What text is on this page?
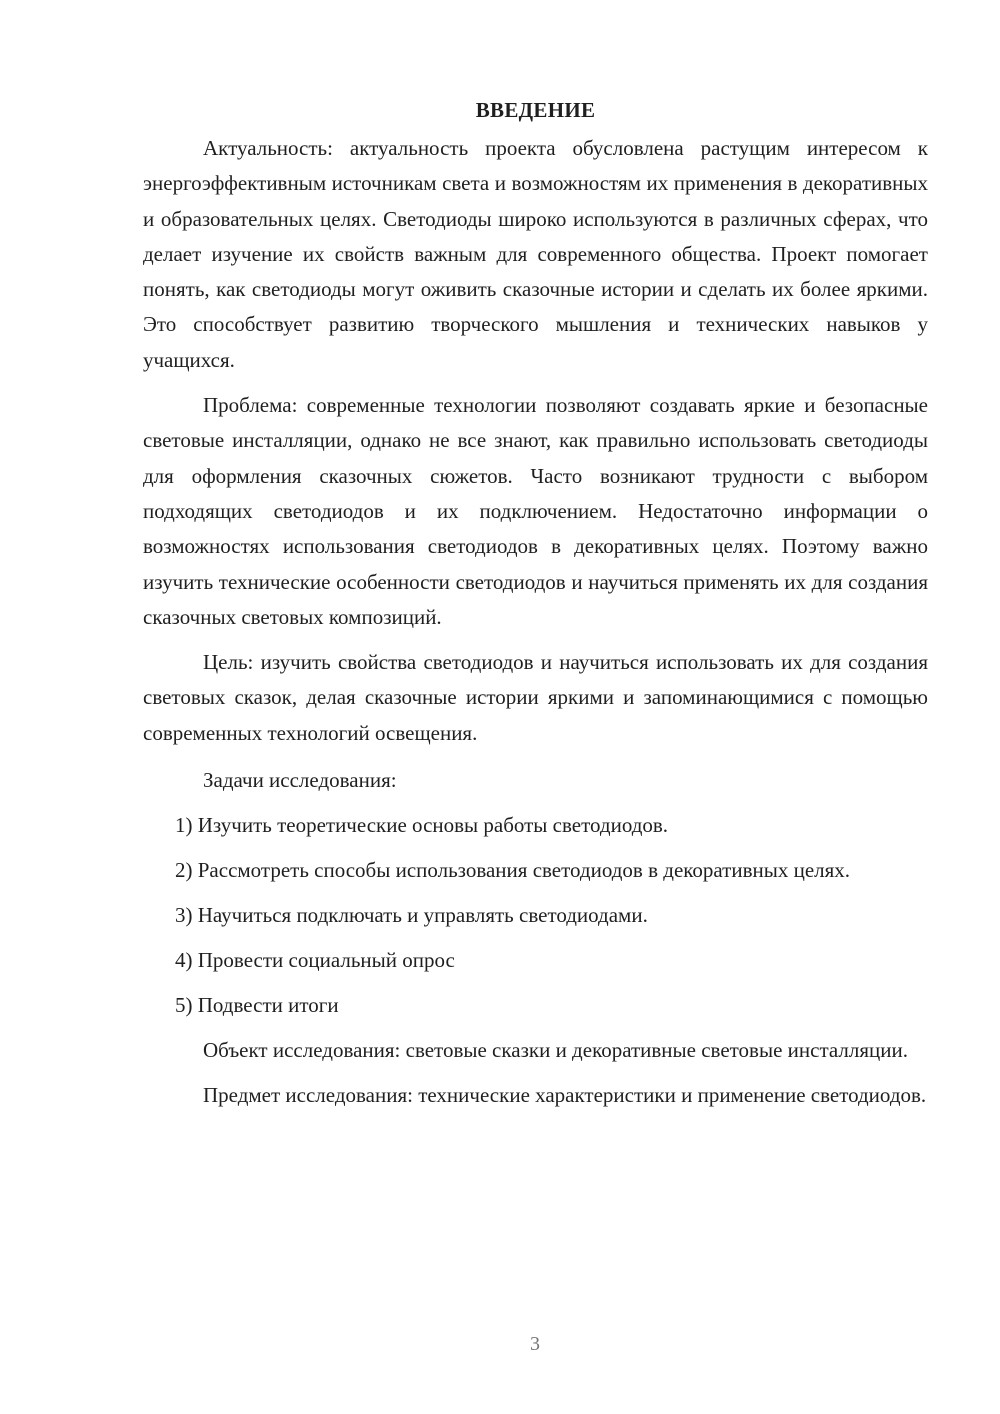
ВВЕДЕНИЕ

Актуальность: актуальность проекта обусловлена растущим интересом к энергоэффективным источникам света и возможностям их применения в декоративных и образовательных целях. Светодиоды широко используются в различных сферах, что делает изучение их свойств важным для современного общества. Проект помогает понять, как светодиоды могут оживить сказочные истории и сделать их более яркими. Это способствует развитию творческого мышления и технических навыков у учащихся.

Проблема: современные технологии позволяют создавать яркие и безопасные световые инсталляции, однако не все знают, как правильно использовать светодиоды для оформления сказочных сюжетов. Часто возникают трудности с выбором подходящих светодиодов и их подключением. Недостаточно информации о возможностях использования светодиодов в декоративных целях. Поэтому важно изучить технические особенности светодиодов и научиться применять их для создания сказочных световых композиций.

Цель: изучить свойства светодиодов и научиться использовать их для создания световых сказок, делая сказочные истории яркими и запоминающимися с помощью современных технологий освещения.

Задачи исследования:

1) Изучить теоретические основы работы светодиодов.

2) Рассмотреть способы использования светодиодов в декоративных целях.

3) Научиться подключать и управлять светодиодами.

4) Провести социальный опрос

5) Подвести итоги

Объект исследования: световые сказки и декоративные световые инсталляции.

Предмет исследования: технические характеристики и применение светодиодов.

3
